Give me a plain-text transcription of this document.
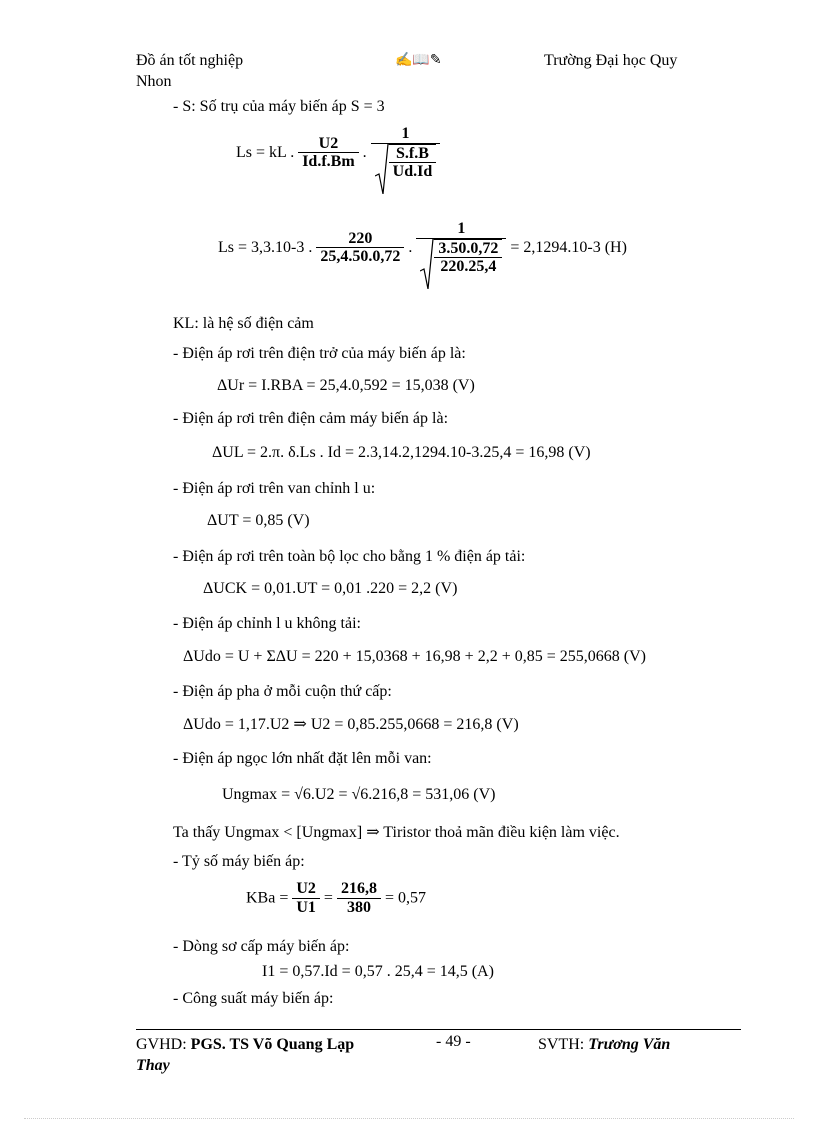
Đồ án tốt nghiệp
Nhon
✍📖✎	Trường Đại học Quy
- S: Số trụ của máy biến áp S = 3
Ls = kL . $\frac{U2}{Id.f.Bm}$ . $\frac{1}{\frac{S.f.B}{Ud.Id}}$
Ls = 3,3.10-3 . $\frac{220}{25,4.50.0,72}$ . $\frac{1}{\frac{3.50.0,72}{220.25,4}} = 2,1294.10-3$ (H)
KL: là hệ số điện cảm
- Điện áp rơi trên điện trở của máy biến áp là:
ΔUr = I.RBA = 25,4.0,592 = 15,038 (V)
- Điện áp rơi trên điện cảm máy biến áp là:
ΔUL = 2.π. δ.Ls . Id = 2.3,14.2,1294.10-3.25,4 = 16,98 (V)
- Điện áp rơi trên van chỉnh l u:
ΔUT = 0,85 (V)
- Điện áp rơi trên toàn bộ lọc cho bằng 1 % điện áp tải:
ΔUCK = 0,01.UT = 0,01 .220 = 2,2 (V)
- Điện áp chỉnh l u không tải:
ΔUdo = U + ΣΔU = 220 + 15,0368 + 16,98 + 2,2 + 0,85 = 255,0668 (V)
- Điện áp pha ở mỗi cuộn thứ cấp:
ΔUdo = 1,17.U2 ⇒ U2 = 0,85.255,0668 = 216,8 (V)
- Điện áp ngọc lớn nhất đặt lên mỗi van:
Ungmax = √6.U2 = √6.216,8 = 531,06 (V)
Ta thấy Ungmax < [Ungmax] ⇒ Tiristor thoả mãn điều kiện làm việc.
- Tỷ số máy biến áp:
KBa = $\frac{U2}{U1} = \frac{216,8}{380} = 0,57$
- Dòng sơ cấp máy biến áp:
I1 = 0,57.Id = 0,57 . 25,4 = 14,5 (A)
- Công suất máy biến áp:
GVHD: PGS. TS Võ Quang Lạp	- 49 -	SVTH: Trương Văn
Thay
